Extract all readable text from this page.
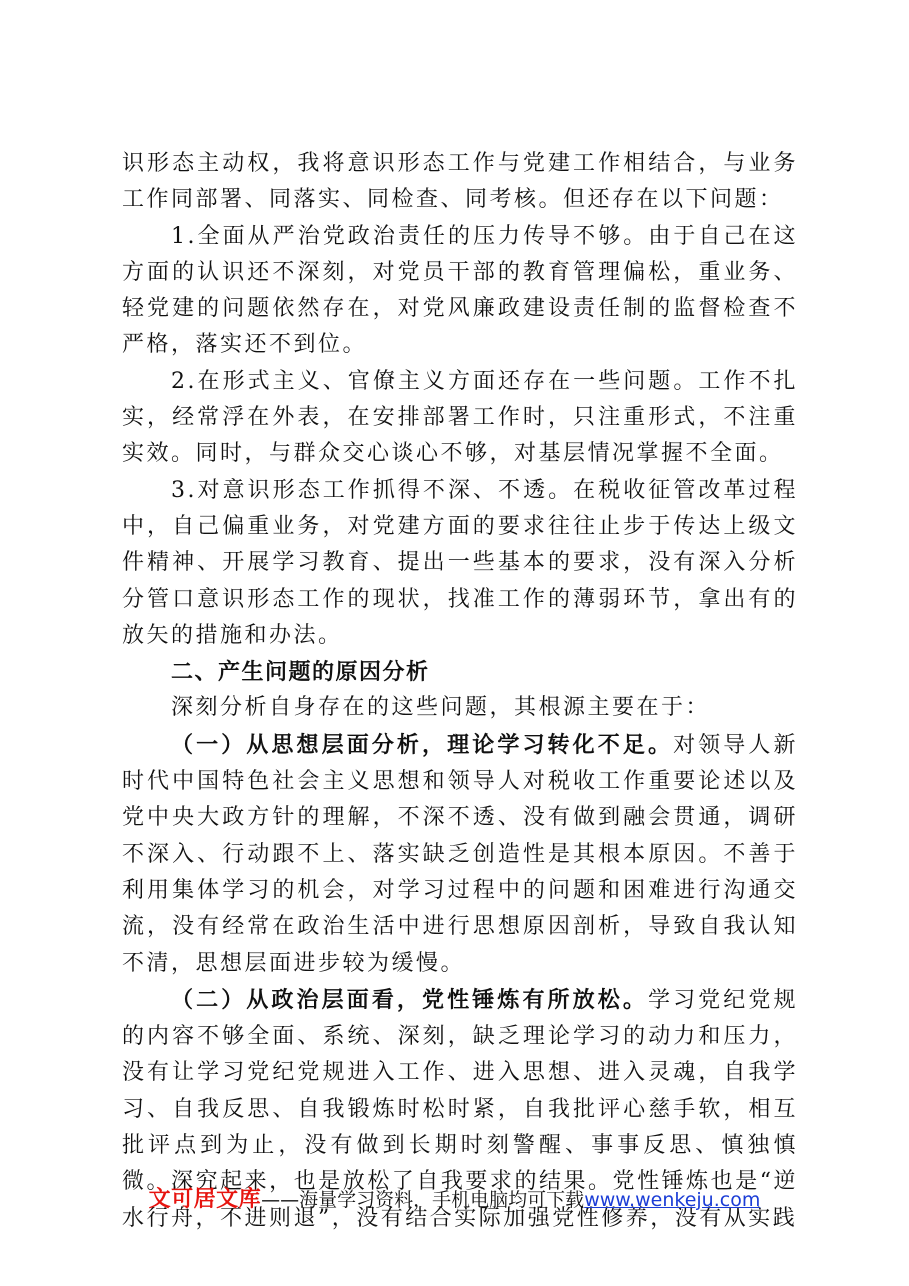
识形态主动权，我将意识形态工作与党建工作相结合，与业务工作同部署、同落实、同检查、同考核。但还存在以下问题：

1.全面从严治党政治责任的压力传导不够。由于自己在这方面的认识还不深刻，对党员干部的教育管理偏松，重业务、轻党建的问题依然存在，对党风廉政建设责任制的监督检查不严格，落实还不到位。

2.在形式主义、官僚主义方面还存在一些问题。工作不扎实，经常浮在外表，在安排部署工作时，只注重形式，不注重实效。同时，与群众交心谈心不够，对基层情况掌握不全面。

3.对意识形态工作抓得不深、不透。在税收征管改革过程中，自己偏重业务，对党建方面的要求往往止步于传达上级文件精神、开展学习教育、提出一些基本的要求，没有深入分析分管口意识形态工作的现状，找准工作的薄弱环节，拿出有的放矢的措施和办法。

二、产生问题的原因分析

深刻分析自身存在的这些问题，其根源主要在于：

（一）从思想层面分析，理论学习转化不足。对领导人新时代中国特色社会主义思想和领导人对税收工作重要论述以及党中央大政方针的理解，不深不透、没有做到融会贯通，调研不深入、行动跟不上、落实缺乏创造性是其根本原因。不善于利用集体学习的机会，对学习过程中的问题和困难进行沟通交流，没有经常在政治生活中进行思想原因剖析，导致自我认知不清，思想层面进步较为缓慢。

（二）从政治层面看，党性锤炼有所放松。学习党纪党规的内容不够全面、系统、深刻，缺乏理论学习的动力和压力，没有让学习党纪党规进入工作、进入思想、进入灵魂，自我学习、自我反思、自我锻炼时松时紧，自我批评心慈手软，相互批评点到为止，没有做到长期时刻警醒、事事反思、慎独慎微。深究起来，也是放松了自我要求的结果。党性锤炼也是“逆水行舟，不进则退”，没有结合实际加强党性修养，没有从实践

文可居文库——海量学习资料，手机电脑均可下载www.wenkeju.com
